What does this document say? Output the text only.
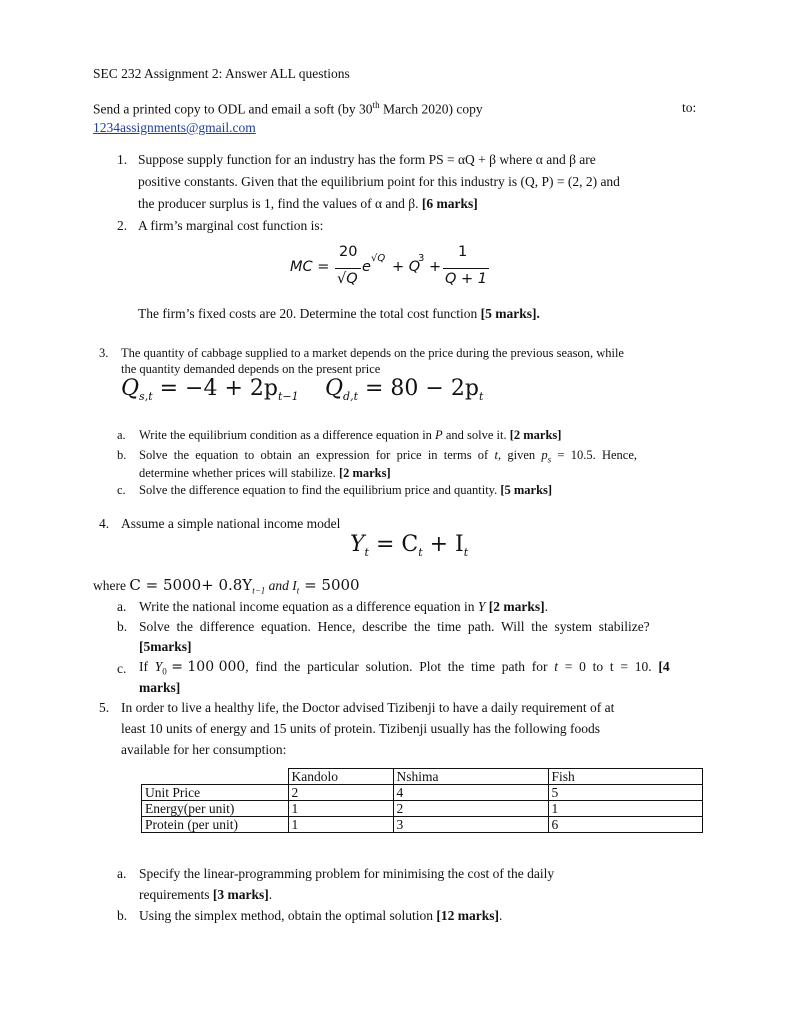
SEC 232 Assignment 2: Answer ALL questions
Send a printed copy to ODL and email a soft (by 30th March 2020) copy	to:
1234assignments@gmail.com
1. Suppose supply function for an industry has the form PS = αQ + β where α and β are
positive constants. Given that the equilibrium point for this industry is (Q, P) = (2, 2) and
the producer surplus is 1, find the values of α and β. [6 marks]
2. A firm’s marginal cost function is:
MC =
20
√Q
e
√Q
+ Q
3
+
1
Q + 1
The firm’s fixed costs are 20. Determine the total cost function [5 marks].
3. The quantity of cabbage supplied to a market depends on the price during the previous season, while
the quantity demanded depends on the present price
$Q_{s,t} = -4 + 2p_{t-1}$ $Q_{d,t} = 80 - 2p_t$
a. Write the equilibrium condition as a difference equation in P and solve it. [2 marks]
b. Solve  the  equation  to  obtain  an  expression  for  price  in  terms  of  t,  given  $p_s = 10.5$.  Hence,
determine whether prices will stabilize. [2 marks]
c. Solve the difference equation to find the equilibrium price and quantity. [5 marks]
4. Assume a simple national income model
$Y_t = C_t + I_t$
where $C = 5000+ 0.8Y_{t-1}$ and $I_t = 5000$
a. Write the national income equation as a difference equation in Y [2 marks].
b. Solve  the  difference  equation.  Hence,  describe  the  time  path.  Will  the  system  stabilize?
[5marks]
c. If  $Y_0 = 100$ 000,  find  the  particular  solution.  Plot  the  time  path  for  t  =  0  to  t  =  10.  [4
marks]
5. In order to live a healthy life, the Doctor advised Tizibenji to have a daily requirement of at
least 10 units of energy and 15 units of protein. Tizibenji usually has the following foods
available for her consumption:
	Kandolo	Nshima	Fish
Unit Price	2	4	5
Energy(per unit)	1	2	1
Protein (per unit)	1	3	6
a. Specify the linear-programming problem for minimising the cost of the daily
requirements [3 marks].
b. Using the simplex method, obtain the optimal solution [12 marks].
